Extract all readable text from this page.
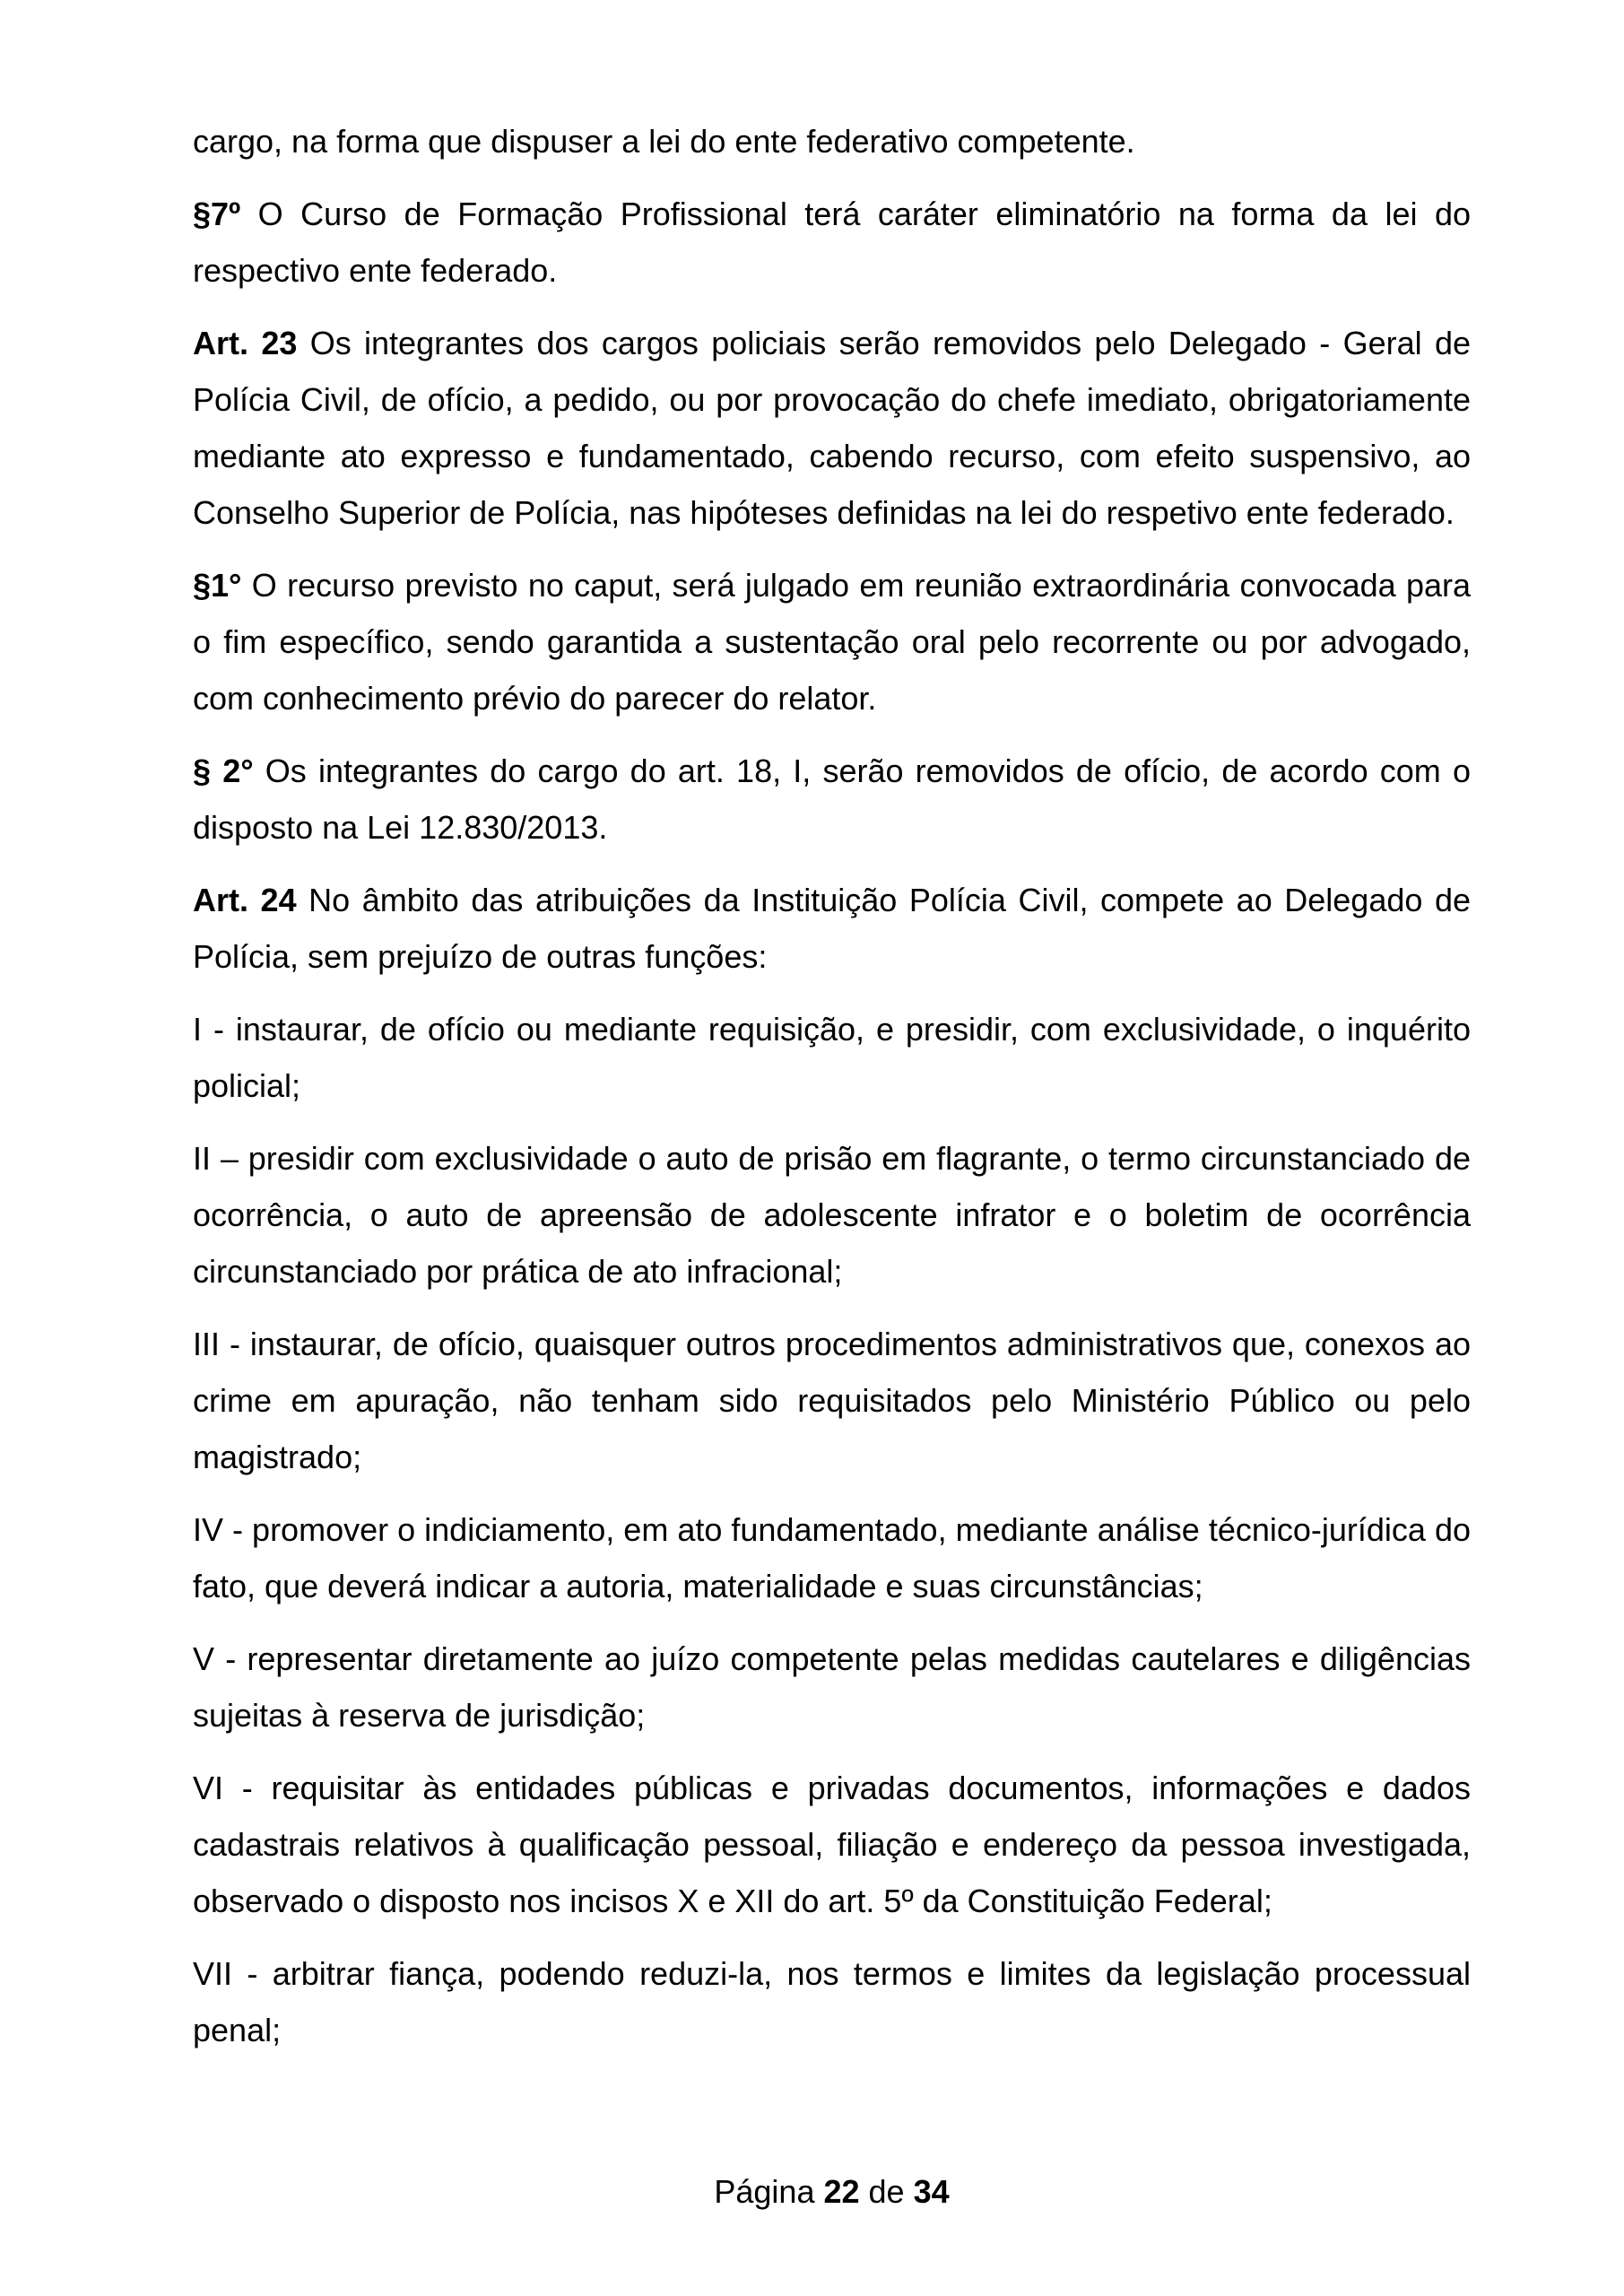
cargo, na forma que dispuser a lei do ente federativo competente.

§7º O Curso de Formação Profissional terá caráter eliminatório na forma da lei do respectivo ente federado.

Art. 23 Os integrantes dos cargos policiais serão removidos pelo Delegado - Geral de Polícia Civil, de ofício, a pedido, ou por provocação do chefe imediato, obrigatoriamente mediante ato expresso e fundamentado, cabendo recurso, com efeito suspensivo, ao Conselho Superior de Polícia, nas hipóteses definidas na lei do respetivo ente federado.

§1° O recurso previsto no caput, será julgado em reunião extraordinária convocada para o fim específico, sendo garantida a sustentação oral pelo recorrente ou por advogado, com conhecimento prévio do parecer do relator.

§ 2° Os integrantes do cargo do art. 18, I, serão removidos de ofício, de acordo com o disposto na Lei 12.830/2013.

Art. 24 No âmbito das atribuições da Instituição Polícia Civil, compete ao Delegado de Polícia, sem prejuízo de outras funções:

I - instaurar, de ofício ou mediante requisição, e presidir, com exclusividade, o inquérito policial;

II – presidir com exclusividade o auto de prisão em flagrante, o termo circunstanciado de ocorrência, o auto de apreensão de adolescente infrator e o boletim de ocorrência circunstanciado por prática de ato infracional;

III - instaurar, de ofício, quaisquer outros procedimentos administrativos que, conexos ao crime em apuração, não tenham sido requisitados pelo Ministério Público ou pelo magistrado;

IV - promover o indiciamento, em ato fundamentado, mediante análise técnico-jurídica do fato, que deverá indicar a autoria, materialidade e suas circunstâncias;

V - representar diretamente ao juízo competente pelas medidas cautelares e diligências sujeitas à reserva de jurisdição;

VI - requisitar às entidades públicas e privadas documentos, informações e dados cadastrais relativos à qualificação pessoal, filiação e endereço da pessoa investigada, observado o disposto nos incisos X e XII do art. 5º da Constituição Federal;

VII - arbitrar fiança, podendo reduzi-la, nos termos e limites da legislação processual penal;

Página 22 de 34
